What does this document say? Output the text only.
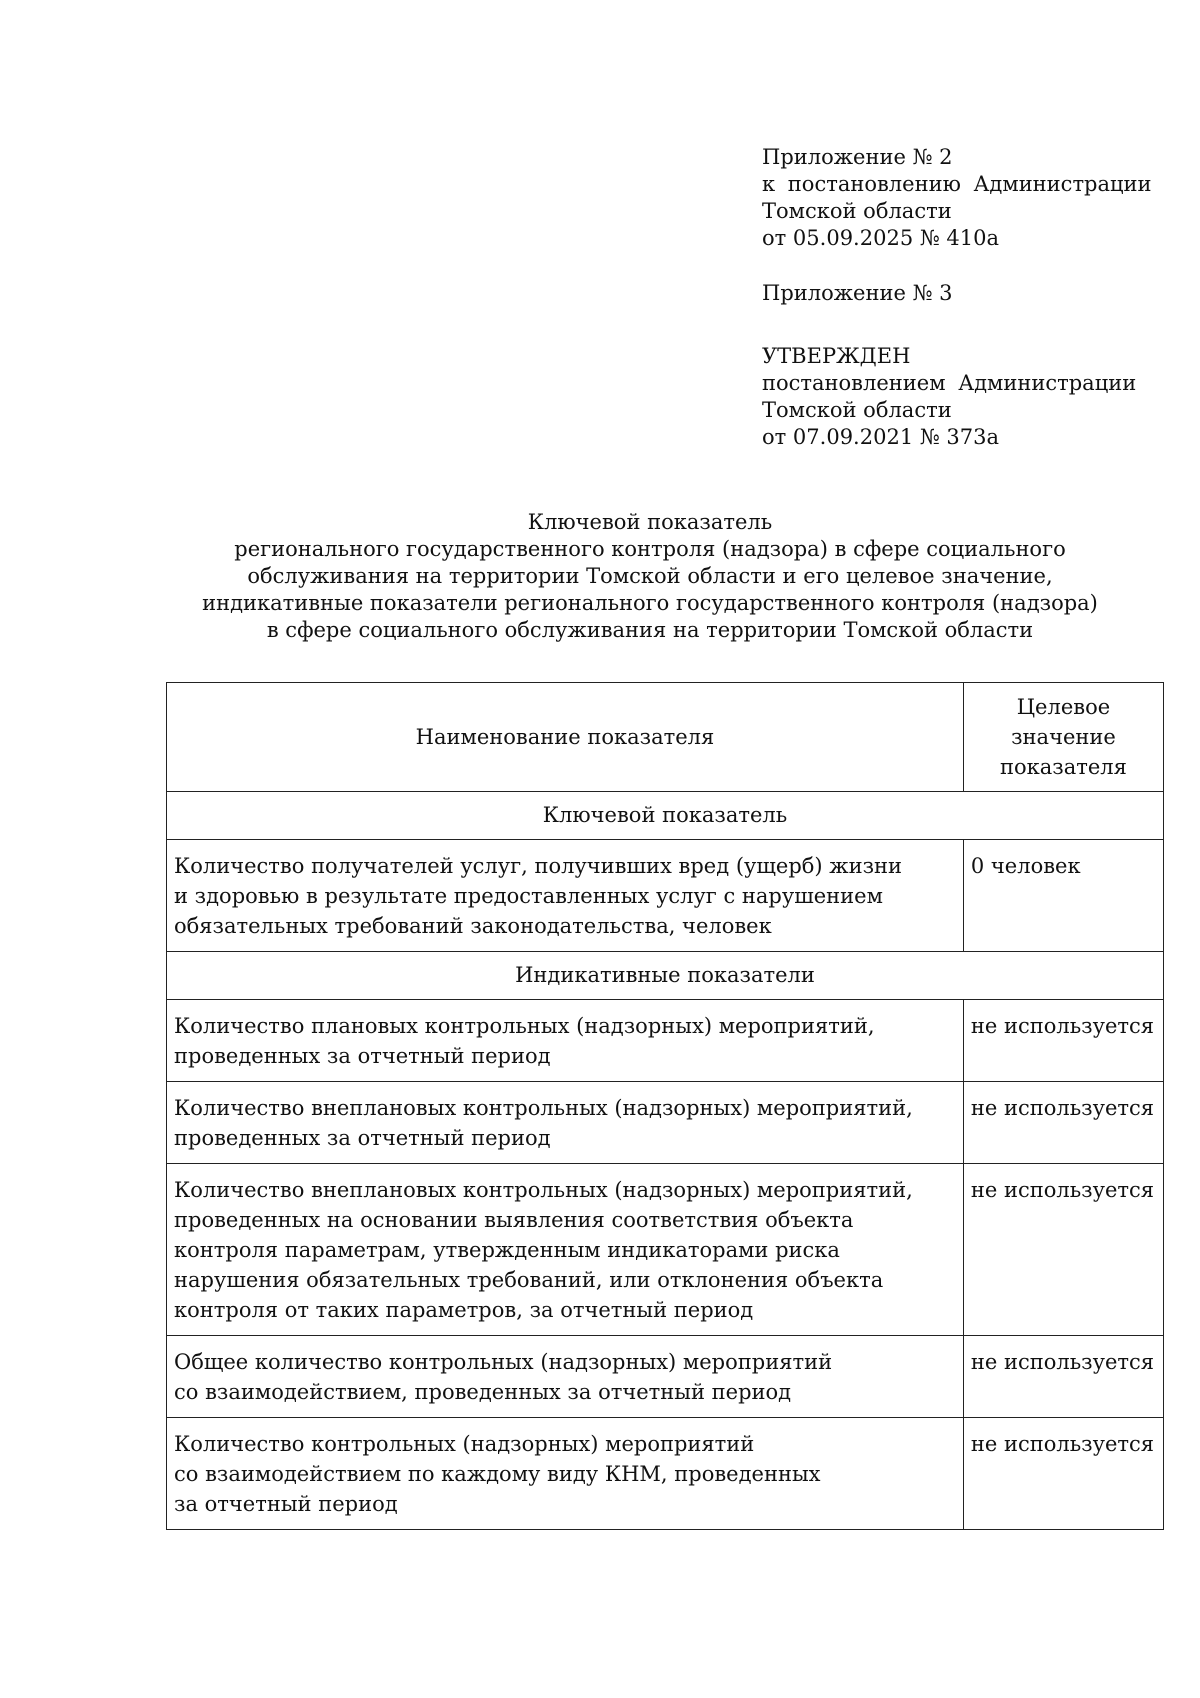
Приложение № 2

к постановлению Администрации

Томской области

от 05.09.2025 № 410а

Приложение № 3

УТВЕРЖДЕН

постановлением Администрации

Томской области

от 07.09.2021 № 373а

Ключевой показатель
регионального государственного контроля (надзора) в сфере социального
обслуживания на территории Томской области и его целевое значение,
индикативные показатели регионального государственного контроля (надзора)
в сфере социального обслуживания на территории Томской области
Наименование показателя	Целевое
значение
показателя

Ключевой показатель	

Количество получателей услуг, получивших вред (ущерб) жизни
и здоровью в результате предоставленных услуг с нарушением
обязательных требований законодательства, человек	0 человек
Индикативные показатели	

Количество плановых контрольных (надзорных) мероприятий,
проведенных за отчетный период	не используется

Количество внеплановых контрольных (надзорных) мероприятий,
проведенных за отчетный период	не используется

Количество внеплановых контрольных (надзорных) мероприятий,
проведенных на основании выявления соответствия объекта
контроля параметрам, утвержденным индикаторами риска
нарушения обязательных требований, или отклонения объекта
контроля от таких параметров, за отчетный период	не используется

Общее количество контрольных (надзорных) мероприятий
со взаимодействием, проведенных за отчетный период	не используется

Количество контрольных (надзорных) мероприятий
со взаимодействием по каждому виду КНМ, проведенных
за отчетный период	не используется
